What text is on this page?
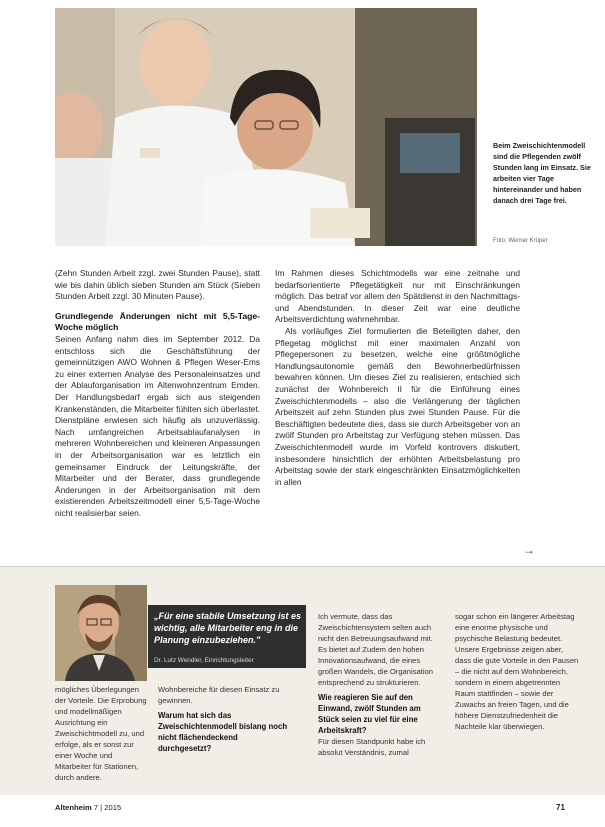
Beim Zweischichtenmodell sind die Pflegenden zwölf Stunden lang im Einsatz. Sie arbeiten vier Tage hintereinander und haben danach drei Tage frei.
Foto: Werner Krüper

(Zehn Stunden Arbeit zzgl. zwei Stunden Pause), statt wie bis dahin üblich sieben Stunden am Stück (Sieben Stunden Arbeit zzgl. 30 Minuten Pause).

Grundlegende Änderungen nicht mit 5,5-Tage-Woche möglich

Seinen Anfang nahm dies im September 2012. Da entschloss sich die Geschäftsführung der gemeinnützigen AWO Wohnen & Pflegen Weser-Ems zu einer externen Analyse des Personaleinsatzes und der Ablauforganisation im Altenwohnzentrum Emden. Der Handlungsbedarf ergab sich aus steigenden Krankenständen, die Mitarbeiter fühlten sich überlastet. Dienstpläne erwiesen sich häufig als unzuverlässig. Nach umfangreichen Arbeitsablaufanalysen in mehreren Wohnbereichen und kleineren Anpassungen in der Arbeitsorganisation war es letztlich ein gemeinsamer Eindruck der Leitungskräfte, der Mitarbeiter und der Berater, dass grundlegende Änderungen in der Arbeitsorganisation mit dem existierenden Arbeitszeitmodell einer 5,5-Tage-Woche nicht realisierbar seien.

Im Rahmen dieses Schichtmodells war eine zeitnahe und bedarfsorientierte Pflegetätigkeit nur mit Einschränkungen möglich. Das betraf vor allem den Spätdienst in den Nachmittags- und Abendstunden. In dieser Zeit war eine deutliche Arbeitsverdichtung wahrnehmbar.

Als vorläufiges Ziel formulierten die Beteiligten daher, den Pflegetag möglichst mit einer maximalen Anzahl von Pflegepersonen zu besetzen, welche eine größtmögliche Handlungsautonomie gemäß den Bewohnerbedürfnissen bewahren können. Um dieses Ziel zu realisieren, entschied sich zunächst der Wohnbereich II für die Einführung eines Zweischichtenmodells – also die Verlängerung der täglichen Arbeitszeit auf zehn Stunden plus zwei Stunden Pause. Für die Beschäftigten bedeutete dies, dass sie durch Arbeitsgeber von an zwölf Stunden pro Arbeitstag zur Verfügung stehen müssen. Das Zweischichtenmodell wurde im Vorfeld kontrovers diskutiert, insbesondere hinsichtlich der erhöhten Arbeitsbelastung pro Arbeitstag sowie der stark eingeschränkten Einsatzmöglichkeiten in allen

→
„Für eine stabile Umsetzung ist es wichtig, alle Mitarbeiter eng in die Planung einzubeziehen."
Dr. Lutz Wendler, Einrichtungsleiter

mögliches Überlegungen der Vorteile. Die Erprobung und modellmäßigen Ausrichtung ein Zweischichtmodell zu, und erfolge, als er sonst zur einer Woche und Mitarbeiter für Stationen, durch andere.

Wohnbereiche für diesen Einsatz zu gewinnen.

Warum hat sich das Zweischichtenmodell bislang noch nicht flächendeckend durchgesetzt?

Ich vermute, dass das Zweischichtensystem selten auch nicht den Betreuungsaufwand mit. Es bietet auf Zudem den hohen Innovationsaufwand, die eines großen Wandels, die Organisation entsprechend zu strukturieren.

Wie reagieren Sie auf den Einwand, zwölf Stunden am Stück seien zu viel für eine Arbeitskraft?

Für diesen Standpunkt habe ich absolut Verständnis, zumal

sogar schon ein längerer Arbeitstag eine enorme physische und psychische Belastung bedeutet. Unsere Ergebnisse zeigen aber, dass die gute Vorteile in den Pausen – die nicht auf dem Wohnbereich, sondern in einem abgetrennten Raum stattfinden – sowie der Zuwachs an freien Tagen, und die höhere Dienstzufriedenheit die Nachteile klar überwiegen.

Altenheim 7 | 2015	71
